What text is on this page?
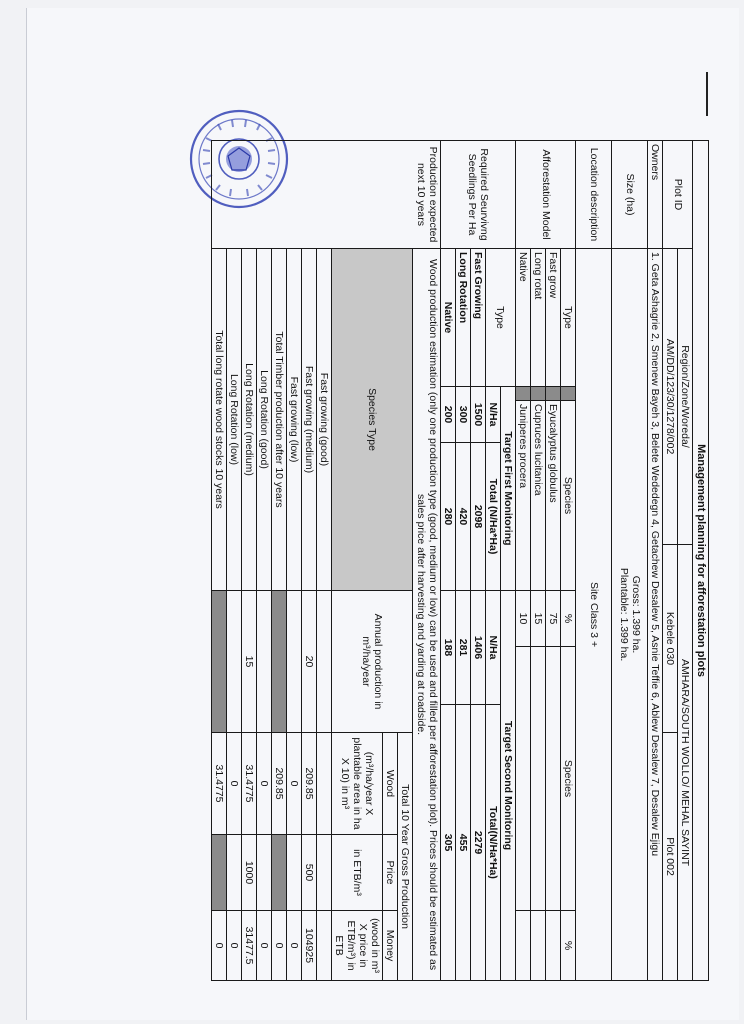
Management planning for afforestation plots											
Plot ID	Region/Zone/Woreda/				AMHARA/SOUTH WOLLO/ MEHAL SAYINT						
	AM/DD/123/30/1278/002				Kebele 030				Plot 002		
Owners	1. Geta Ashagrie 2, Smenew Bayeh 3, Belete Wededegn 4, Getachew Desalew 5, Asnie Teffie 6, Ablew Desalew 7, Desalew Ejigu										
Size (ha)	Gross: 1.399 ha.
Plantable: 1.399 ha.										

Location description	Site Class 3 +										
Afforestation Model	Type		Species			%	Species				%
	Fast grow		Eyucalyptus globulus			75					
	Long rotat		Cupruces lucitanica			15					
	Native		Juniperes procera			10					
Required Seurvivng Seedlings Per Ha	Type	Target First Monitoring				Target Second Monitoring					
		N/Ha		Total (N/Ha*Ha)		N/Ha		Total(N/Ha*Ha)			
	Fast Growing	1500		2098		1406		2279			
	Long Rotation	300		420		281		455			
	Native	200		280		188		305			
Production expected next 10 years	Wood production estimation (only one production type (good, medium or low) can be used and filled per afforestation plot). Prices should be estimated as sales price after harvesting and yarding at roadside.										
	Species Type					Annual production in m³/ha/year			Total 10 Year Gross Production		
									Wood	Price	Money
									(m³/ha/year X plantable area in ha X 10) in m³	in ETB/m³	(wood in m³ X price in ETB/m³) in ETB
	Fast growing (good)										
	Fast growing (medium)					20			209.85	500	104925
	Fast growing (low)								0		0
	Total Timber production after 10 years								209.85		0
	Long Rotation (good)								0		0
	Long Rotation (medium)					15			31.4775	1000	31477.5
	Long Rotation (low)								0		0
	Total long rotate wood stocks 10 years								31.4775		0
